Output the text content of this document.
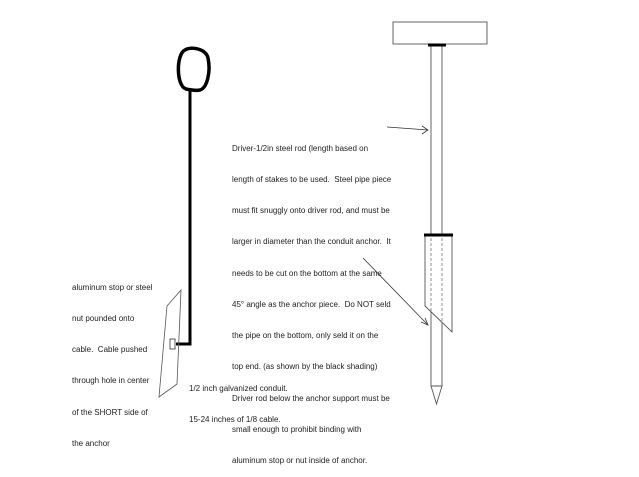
aluminum stop or steel

nut pounded onto

cable.  Cable pushed

through hole in center

of the SHORT side of

the anchor

1/2 inch galvanized conduit.

15-24 inches of 1/8 cable.

Driver-1/2in steel rod (length based on

length of stakes to be used.  Steel pipe piece

must fit snuggly onto driver rod, and must be

larger in diameter than the conduit anchor.  It

needs to be cut on the bottom at the same

45° angle as the anchor piece.  Do NOT seld

the pipe on the bottom, only seld it on the

top end. (as shown by the black shading)

Driver rod below the anchor support must be

small enough to prohibit binding with

aluminum stop or nut inside of anchor.
